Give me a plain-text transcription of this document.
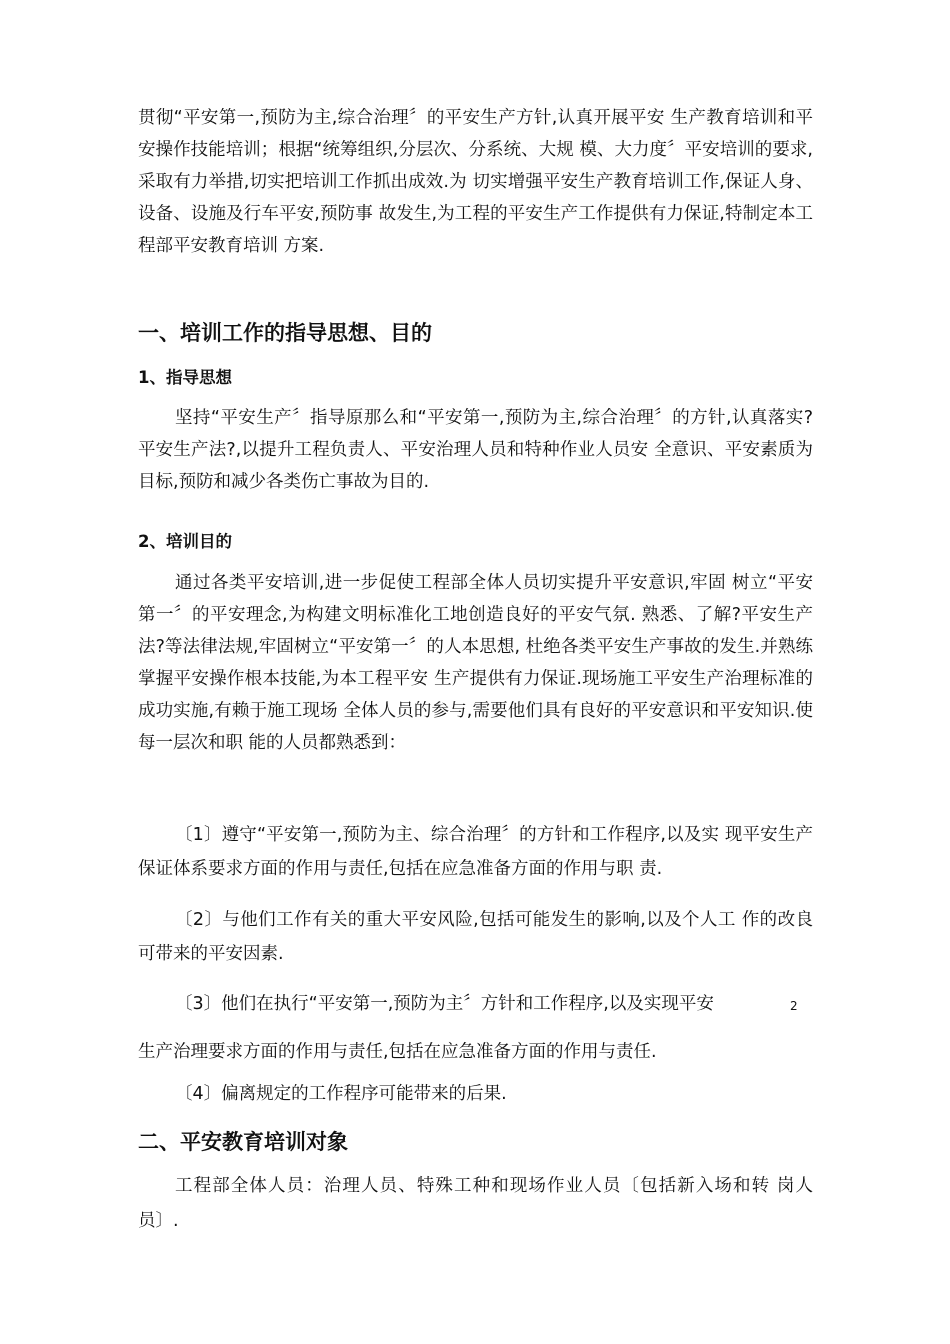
贯彻“平安第一,预防为主,综合治理〞的平安生产方针,认真开展平安 生产教育培训和平安操作技能培训；根据“统筹组织,分层次、分系统、大规 模、大力度〞平安培训的要求,采取有力举措,切实把培训工作抓出成效.为 切实增强平安生产教育培训工作,保证人身、设备、设施及行车平安,预防事 故发生,为工程的平安生产工作提供有力保证,特制定本工程部平安教育培训 方案.

一、培训工作的指导思想、目的
1、指导思想

坚持“平安生产〞指导原那么和“平安第一,预防为主,综合治理〞的方针,认真落实?平安生产法?,以提升工程负责人、平安治理人员和特种作业人员安 全意识、平安素质为目标,预防和减少各类伤亡事故为目的.

2、培训目的

通过各类平安培训,进一步促使工程部全体人员切实提升平安意识,牢固 树立“平安第一〞的平安理念,为构建文明标准化工地创造良好的平安气氛. 熟悉、了解?平安生产法?等法律法规,牢固树立“平安第一〞的人本思想, 杜绝各类平安生产事故的发生.并熟练掌握平安操作根本技能,为本工程平安 生产提供有力保证.现场施工平安生产治理标准的成功实施,有赖于施工现场 全体人员的参与,需要他们具有良好的平安意识和平安知识.使每一层次和职 能的人员都熟悉到：

〔1〕遵守“平安第一,预防为主、综合治理〞的方针和工作程序,以及实 现平安生产保证体系要求方面的作用与责任,包括在应急准备方面的作用与职 责.

〔2〕与他们工作有关的重大平安风险,包括可能发生的影响,以及个人工 作的改良可带来的平安因素.

〔3〕他们在执行“平安第一,预防为主〞方针和工作程序,以及实现平安	2

生产治理要求方面的作用与责任,包括在应急准备方面的作用与责任.

〔4〕偏离规定的工作程序可能带来的后果.

二、平安教育培训对象

工程部全体人员：治理人员、特殊工种和现场作业人员〔包括新入场和转 岗人员〕.
